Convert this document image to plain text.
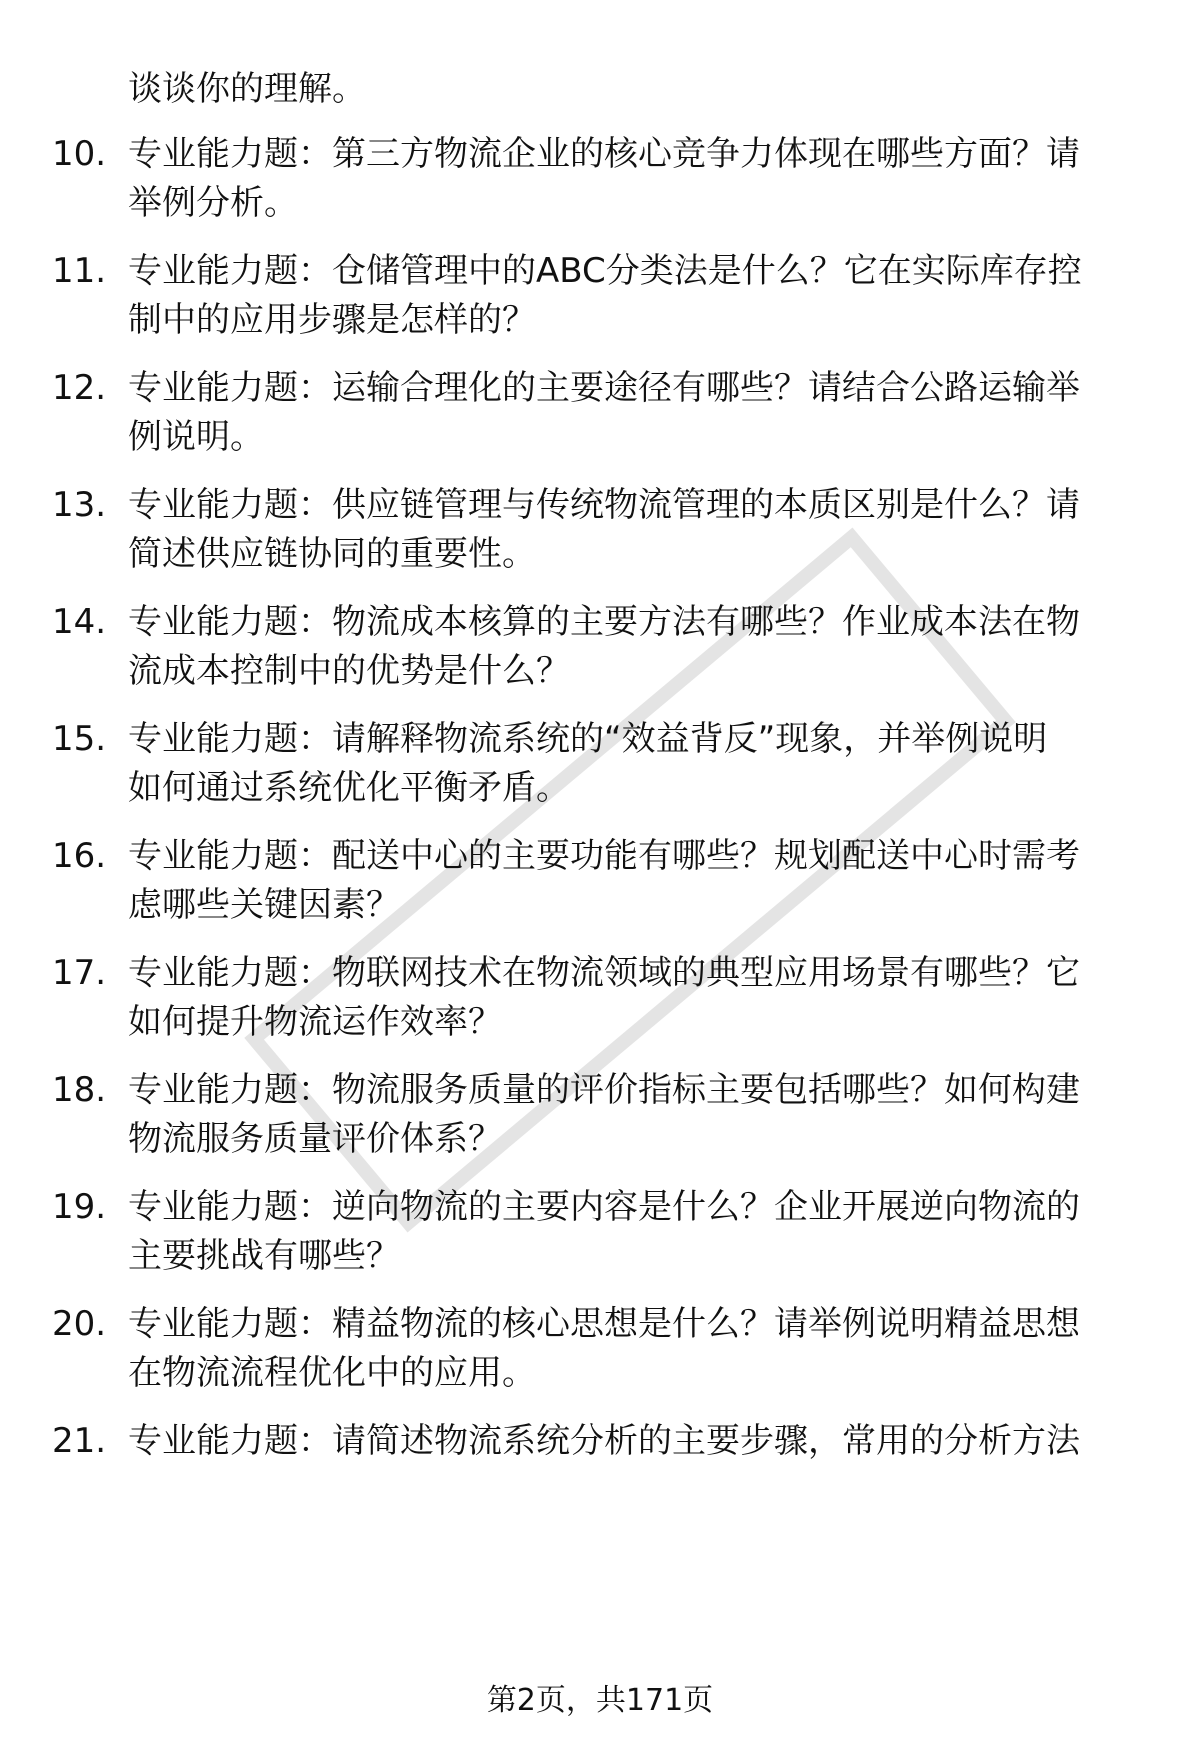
谈谈你的理解。
10. 专业能力题：第三方物流企业的核心竞争力体现在哪些方面？请
举例分析。
11. 专业能力题：仓储管理中的ABC分类法是什么？它在实际库存控
制中的应用步骤是怎样的？
12. 专业能力题：运输合理化的主要途径有哪些？请结合公路运输举
例说明。
13. 专业能力题：供应链管理与传统物流管理的本质区别是什么？请
简述供应链协同的重要性。
14. 专业能力题：物流成本核算的主要方法有哪些？作业成本法在物
流成本控制中的优势是什么？
15. 专业能力题：请解释物流系统的“效益背反”现象，并举例说明
如何通过系统优化平衡矛盾。
16. 专业能力题：配送中心的主要功能有哪些？规划配送中心时需考
虑哪些关键因素？
17. 专业能力题：物联网技术在物流领域的典型应用场景有哪些？它
如何提升物流运作效率？
18. 专业能力题：物流服务质量的评价指标主要包括哪些？如何构建
物流服务质量评价体系？
19. 专业能力题：逆向物流的主要内容是什么？企业开展逆向物流的
主要挑战有哪些？
20. 专业能力题：精益物流的核心思想是什么？请举例说明精益思想
在物流流程优化中的应用。
21. 专业能力题：请简述物流系统分析的主要步骤，常用的分析方法
第2页，共171页
